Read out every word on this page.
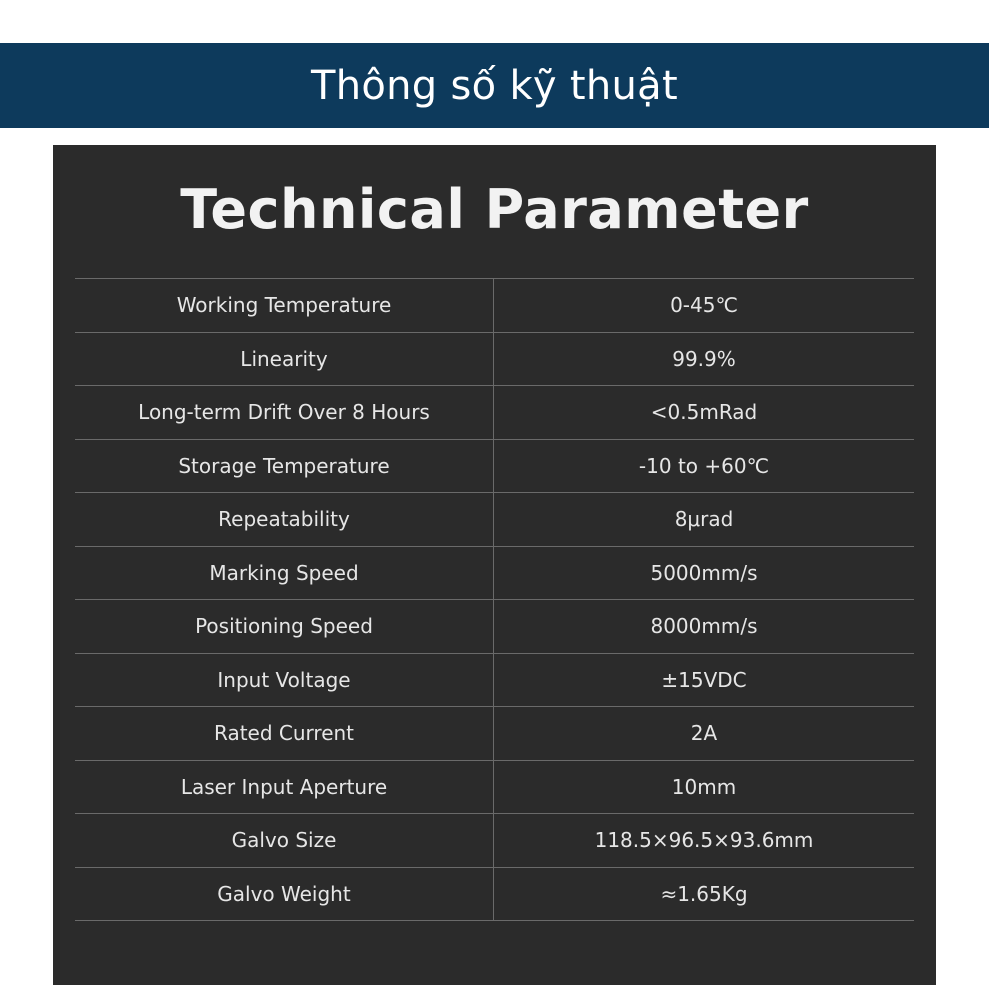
Thông số kỹ thuật
Technical Parameter
Working Temperature	0-45℃
Linearity	99.9%
Long-term Drift Over 8 Hours	<0.5mRad
Storage Temperature	-10 to +60℃
Repeatability	8μrad
Marking Speed	5000mm/s
Positioning Speed	8000mm/s
Input Voltage	±15VDC
Rated Current	2A
Laser Input Aperture	10mm
Galvo Size	118.5×96.5×93.6mm
Galvo Weight	≈1.65Kg
